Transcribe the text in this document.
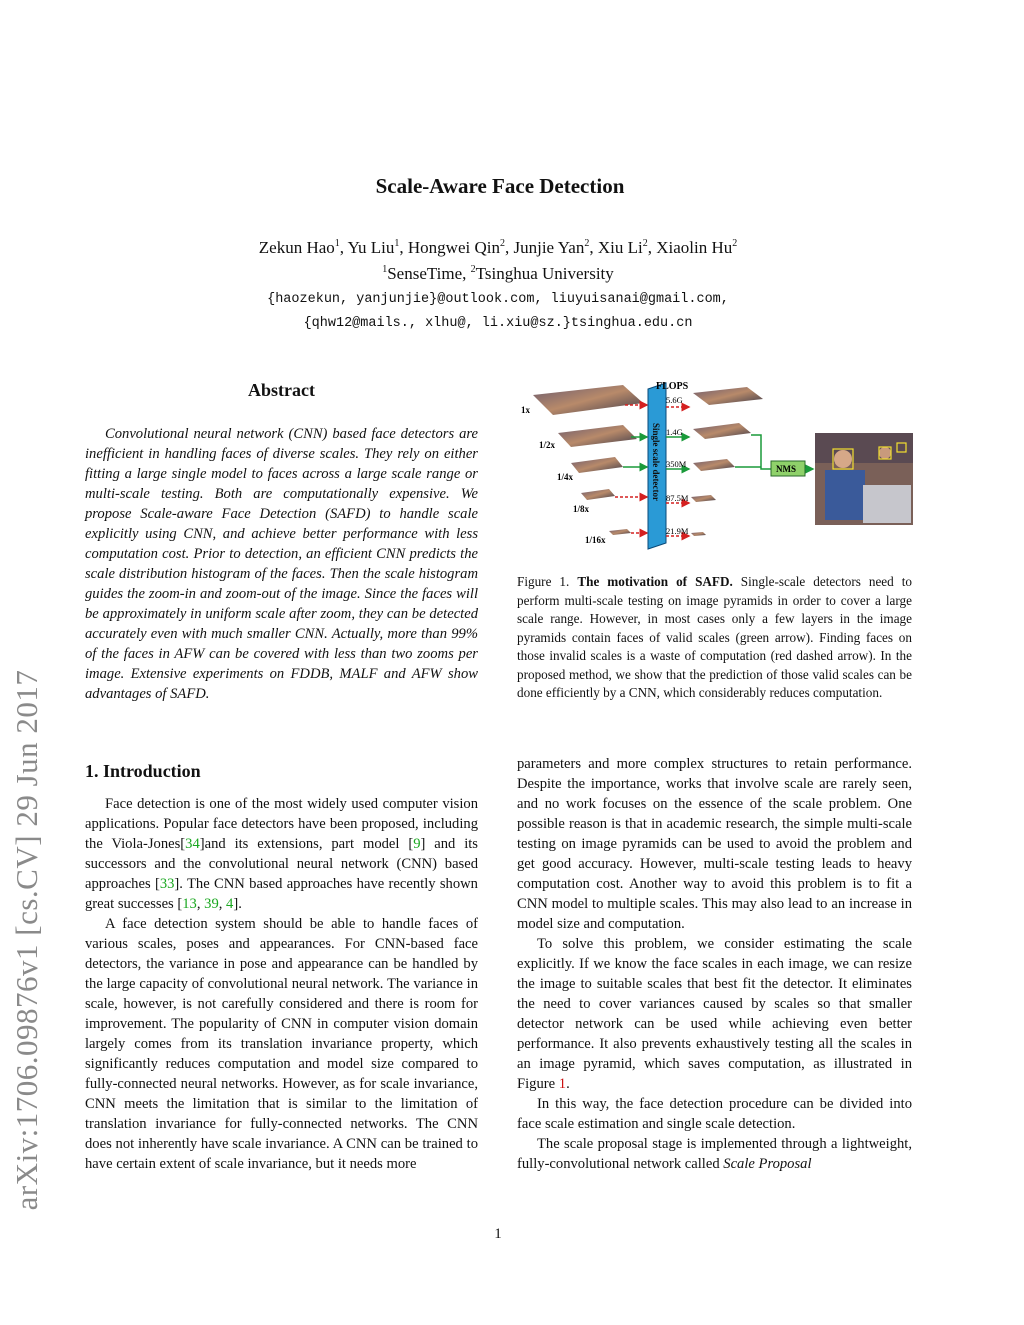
Scale-Aware Face Detection
Zekun Hao$^1$, Yu Liu$^1$, Hongwei Qin$^2$, Junjie Yan$^2$, Xiu Li$^2$, Xiaolin Hu$^2$
$^1$SenseTime, $^2$Tsinghua University
{haozekun, yanjunjie}@outlook.com, liuyuisanai@gmail.com,
{qhw12@mails., xlhu@, li.xiu@sz.}tsinghua.edu.cn
arXiv:1706.09876v1 [cs.CV] 29 Jun 2017
Abstract
Convolutional neural network (CNN) based face detectors are inefficient in handling faces of diverse scales. They rely on either fitting a large single model to faces across a large scale range or multi-scale testing. Both are computationally expensive. We propose Scale-aware Face Detection (SAFD) to handle scale explicitly using CNN, and achieve better performance with less computation cost. Prior to detection, an efficient CNN predicts the scale distribution histogram of the faces. Then the scale histogram guides the zoom-in and zoom-out of the image. Since the faces will be approximately in uniform scale after zoom, they can be detected accurately even with much smaller CNN. Actually, more than 99% of the faces in AFW can be covered with less than two zooms per image. Extensive experiments on FDDB, MALF and AFW show advantages of SAFD.
1x
1/2x
1/4x
1/8x
1/16x
Single scale detector
FLOPS
5.6G
1.4G
350M
87.5M
21.9M
NMS
Figure 1. The motivation of SAFD. Single-scale detectors need to perform multi-scale testing on image pyramids in order to cover a large scale range. However, in most cases only a few layers in the image pyramids contain faces of valid scales (green arrow). Finding faces on those invalid scales is a waste of computation (red dashed arrow). In the proposed method, we show that the prediction of those valid scales can be done efficiently by a CNN, which considerably reduces computation.
1. Introduction

Face detection is one of the most widely used computer vision applications. Popular face detectors have been proposed, including the Viola-Jones[34]and its extensions, part model [9] and its successors and the convolutional neural network (CNN) based approaches [33]. The CNN based approaches have recently shown great successes [13, 39, 4].

A face detection system should be able to handle faces of various scales, poses and appearances. For CNN-based face detectors, the variance in pose and appearance can be handled by the large capacity of convolutional neural network. The variance in scale, however, is not carefully considered and there is room for improvement. The popularity of CNN in computer vision domain largely comes from its translation invariance property, which significantly reduces computation and model size compared to fully-connected neural networks. However, as for scale invariance, CNN meets the limitation that is similar to the limitation of translation invariance for fully-connected networks. The CNN does not inherently have scale invariance. A CNN can be trained to have certain extent of scale invariance, but it needs more

parameters and more complex structures to retain performance. Despite the importance, works that involve scale are rarely seen, and no work focuses on the essence of the scale problem. One possible reason is that in academic research, the simple multi-scale testing on image pyramids can be used to avoid the problem and get good accuracy. However, multi-scale testing leads to heavy computation cost. Another way to avoid this problem is to fit a CNN model to multiple scales. This may also lead to an increase in model size and computation.

To solve this problem, we consider estimating the scale explicitly. If we know the face scales in each image, we can resize the image to suitable scales that best fit the detector. It eliminates the need to cover variances caused by scales so that smaller detector network can be used while achieving even better performance. It also prevents exhaustively testing all the scales in an image pyramid, which saves computation, as illustrated in Figure 1.

In this way, the face detection procedure can be divided into face scale estimation and single scale detection.

The scale proposal stage is implemented through a lightweight, fully-convolutional network called Scale Proposal

1
